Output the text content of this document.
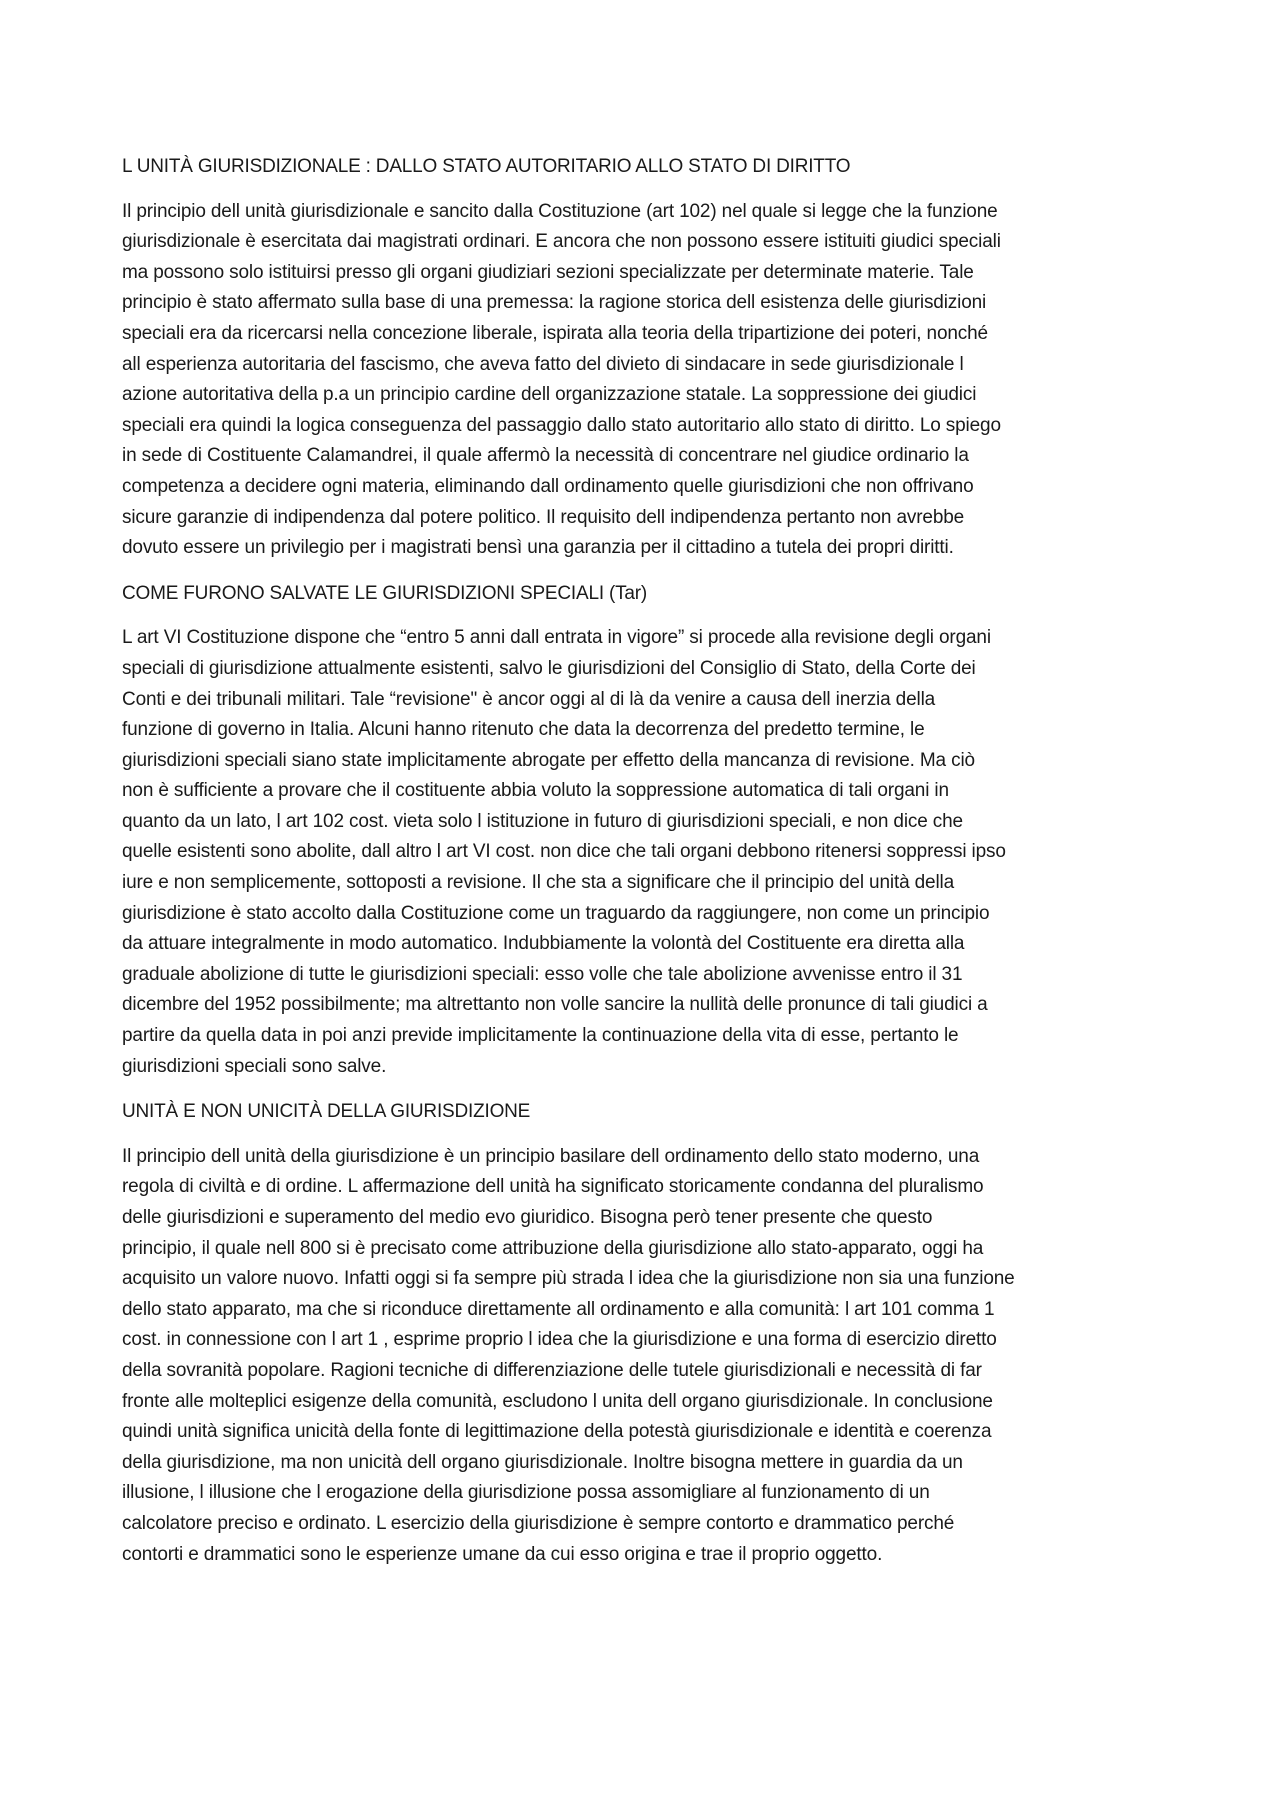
L UNITÀ GIURISDIZIONALE : DALLO STATO AUTORITARIO ALLO STATO DI DIRITTO

Il principio dell unità giurisdizionale e sancito dalla Costituzione (art 102) nel quale si legge che la funzione
giurisdizionale è esercitata dai magistrati ordinari. E ancora che non possono essere istituiti giudici speciali
ma possono solo istituirsi presso gli organi giudiziari sezioni specializzate per determinate materie. Tale
principio è stato affermato sulla base di una premessa: la ragione storica dell esistenza delle giurisdizioni
speciali era da ricercarsi nella concezione liberale, ispirata alla teoria della tripartizione dei poteri, nonché
all esperienza autoritaria del fascismo, che aveva fatto del divieto di sindacare in sede giurisdizionale l
azione autoritativa della p.a un principio cardine dell organizzazione statale. La soppressione dei giudici
speciali era quindi la logica conseguenza del passaggio dallo stato autoritario allo stato di diritto. Lo spiego
in sede di Costituente Calamandrei, il quale affermò la necessità di concentrare nel giudice ordinario la
competenza a decidere ogni materia, eliminando dall ordinamento quelle giurisdizioni che non offrivano
sicure garanzie di indipendenza dal potere politico. Il requisito dell indipendenza pertanto non avrebbe
dovuto essere un privilegio per i magistrati bensì una garanzia per il cittadino a tutela dei propri diritti.

COME FURONO SALVATE LE GIURISDIZIONI SPECIALI (Tar)

L art VI Costituzione dispone che “entro 5 anni dall entrata in vigore” si procede alla revisione degli organi
speciali di giurisdizione attualmente esistenti, salvo le giurisdizioni del Consiglio di Stato, della Corte dei
Conti e dei tribunali militari. Tale “revisione" è ancor oggi al di là da venire a causa dell inerzia della
funzione di governo in Italia. Alcuni hanno ritenuto che data la decorrenza del predetto termine, le
giurisdizioni speciali siano state implicitamente abrogate per effetto della mancanza di revisione. Ma ciò
non è sufficiente a provare che il costituente abbia voluto la soppressione automatica di tali organi in
quanto da un lato, l art 102 cost. vieta solo l istituzione in futuro di giurisdizioni speciali, e non dice che
quelle esistenti sono abolite, dall altro l art VI cost. non dice che tali organi debbono ritenersi soppressi ipso
iure e non semplicemente, sottoposti a revisione. Il che sta a significare che il principio del unità della
giurisdizione è stato accolto dalla Costituzione come un traguardo da raggiungere, non come un principio
da attuare integralmente in modo automatico. Indubbiamente la volontà del Costituente era diretta alla
graduale abolizione di tutte le giurisdizioni speciali: esso volle che tale abolizione avvenisse entro il 31
dicembre del 1952 possibilmente; ma altrettanto non volle sancire la nullità delle pronunce di tali giudici a
partire da quella data in poi anzi previde implicitamente la continuazione della vita di esse, pertanto le
giurisdizioni speciali sono salve.

UNITÀ E NON UNICITÀ DELLA GIURISDIZIONE

Il principio dell unità della giurisdizione è un principio basilare dell ordinamento dello stato moderno, una
regola di civiltà e di ordine. L affermazione dell unità ha significato storicamente condanna del pluralismo
delle giurisdizioni e superamento del medio evo giuridico. Bisogna però tener presente che questo
principio, il quale nell 800 si è precisato come attribuzione della giurisdizione allo stato-apparato, oggi ha
acquisito un valore nuovo. Infatti oggi si fa sempre più strada l idea che la giurisdizione non sia una funzione
dello stato apparato, ma che si riconduce direttamente all ordinamento e alla comunità: l art 101 comma 1
cost. in connessione con l art 1 , esprime proprio l idea che la giurisdizione e una forma di esercizio diretto
della sovranità popolare. Ragioni tecniche di differenziazione delle tutele giurisdizionali e necessità di far
fronte alle molteplici esigenze della comunità, escludono l unita dell organo giurisdizionale. In conclusione
quindi unità significa unicità della fonte di legittimazione della potestà giurisdizionale e identità e coerenza
della giurisdizione, ma non unicità dell organo giurisdizionale. Inoltre bisogna mettere in guardia da un
illusione, l illusione che l erogazione della giurisdizione possa assomigliare al funzionamento di un
calcolatore preciso e ordinato. L esercizio della giurisdizione è sempre contorto e drammatico perché
contorti e drammatici sono le esperienze umane da cui esso origina e trae il proprio oggetto.
